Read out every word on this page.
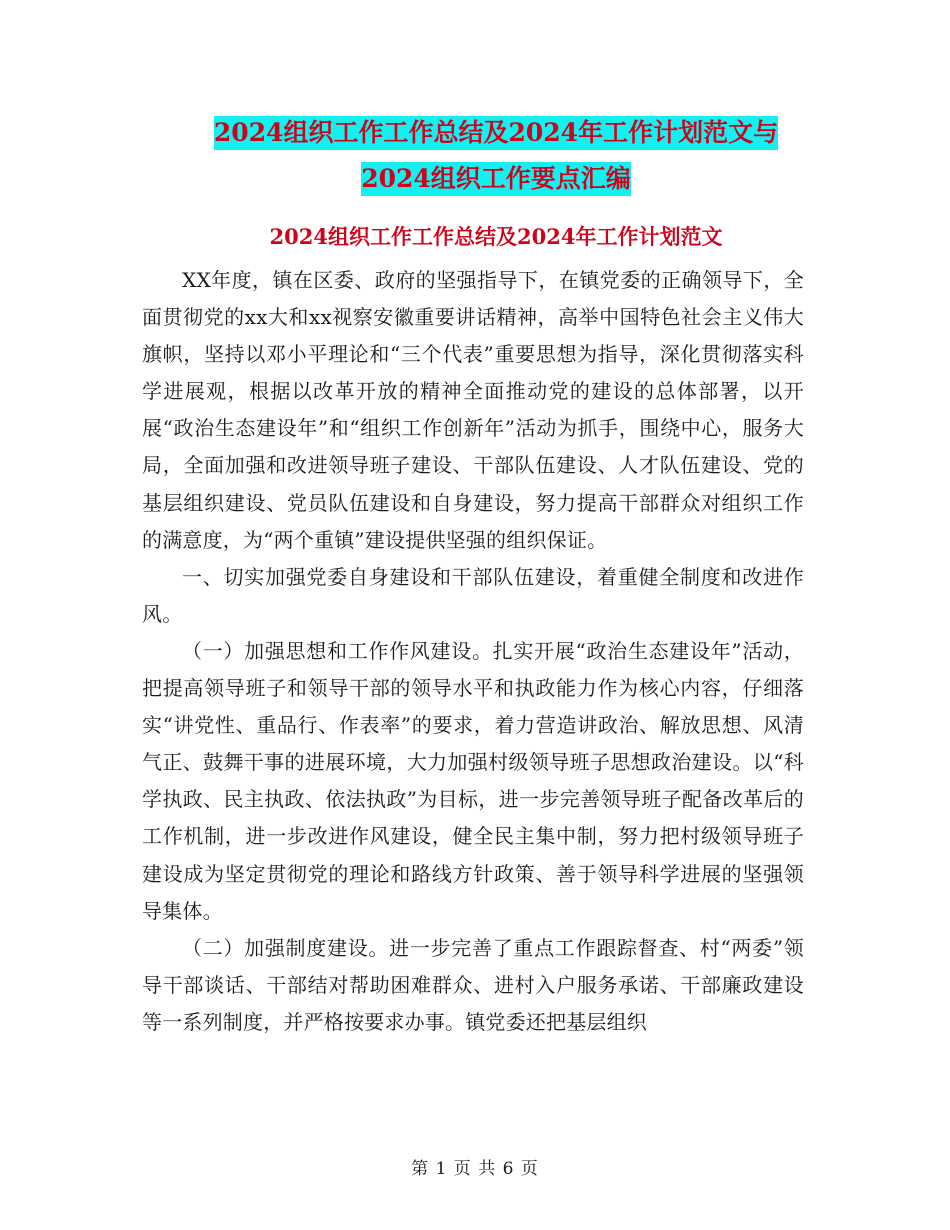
2024组织工作工作总结及2024年工作计划范文与
2024组织工作要点汇编
2024组织工作工作总结及2024年工作计划范文

XX年度，镇在区委、政府的坚强指导下，在镇党委的正确领导下，全面贯彻党的xx大和xx视察安徽重要讲话精神，高举中国特色社会主义伟大旗帜，坚持以邓小平理论和“三个代表”重要思想为指导，深化贯彻落实科学进展观，根据以改革开放的精神全面推动党的建设的总体部署，以开展“政治生态建设年”和“组织工作创新年”活动为抓手，围绕中心，服务大局，全面加强和改进领导班子建设、干部队伍建设、人才队伍建设、党的基层组织建设、党员队伍建设和自身建设，努力提高干部群众对组织工作的满意度，为“两个重镇”建设提供坚强的组织保证。

一、切实加强党委自身建设和干部队伍建设，着重健全制度和改进作风。

（一）加强思想和工作作风建设。扎实开展“政治生态建设年”活动，把提高领导班子和领导干部的领导水平和执政能力作为核心内容，仔细落实“讲党性、重品行、作表率”的要求，着力营造讲政治、解放思想、风清气正、鼓舞干事的进展环境，大力加强村级领导班子思想政治建设。以“科学执政、民主执政、依法执政”为目标，进一步完善领导班子配备改革后的工作机制，进一步改进作风建设，健全民主集中制，努力把村级领导班子建设成为坚定贯彻党的理论和路线方针政策、善于领导科学进展的坚强领导集体。

（二）加强制度建设。进一步完善了重点工作跟踪督查、村“两委”领导干部谈话、干部结对帮助困难群众、进村入户服务承诺、干部廉政建设等一系列制度，并严格按要求办事。镇党委还把基层组织

第 1 页 共 6 页
